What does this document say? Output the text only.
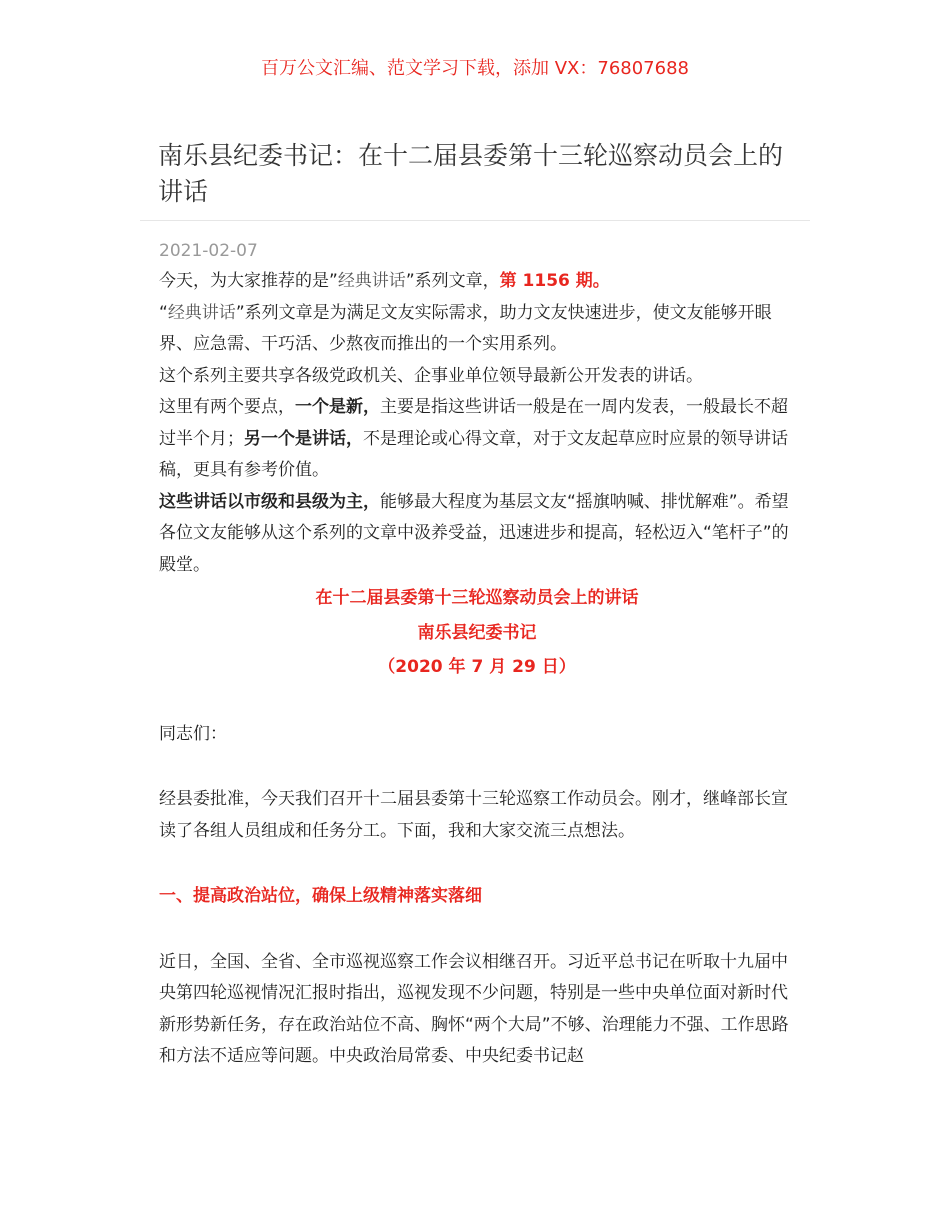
百万公文汇编、范文学习下载，添加 VX：76807688
南乐县纪委书记：在十二届县委第十三轮巡察动员会上的讲话
2021-02-07

今天，为大家推荐的是”经典讲话”系列文章，第 1156 期。

“经典讲话”系列文章是为满足文友实际需求，助力文友快速进步，使文友能够开眼界、应急需、干巧活、少熬夜而推出的一个实用系列。

这个系列主要共享各级党政机关、企事业单位领导最新公开发表的讲话。

这里有两个要点，一个是新，主要是指这些讲话一般是在一周内发表，一般最长不超过半个月；另一个是讲话，不是理论或心得文章，对于文友起草应时应景的领导讲话稿，更具有参考价值。

这些讲话以市级和县级为主，能够最大程度为基层文友“摇旗呐喊、排忧解难”。希望各位文友能够从这个系列的文章中汲养受益，迅速进步和提高，轻松迈入“笔杆子”的殿堂。

在十二届县委第十三轮巡察动员会上的讲话
南乐县纪委书记
（2020 年 7 月 29 日）

同志们：

经县委批准，今天我们召开十二届县委第十三轮巡察工作动员会。刚才，继峰部长宣读了各组人员组成和任务分工。下面，我和大家交流三点想法。

一、提高政治站位，确保上级精神落实落细

近日，全国、全省、全市巡视巡察工作会议相继召开。习近平总书记在听取十九届中央第四轮巡视情况汇报时指出，巡视发现不少问题，特别是一些中央单位面对新时代新形势新任务，存在政治站位不高、胸怀“两个大局”不够、治理能力不强、工作思路和方法不适应等问题。中央政治局常委、中央纪委书记赵
